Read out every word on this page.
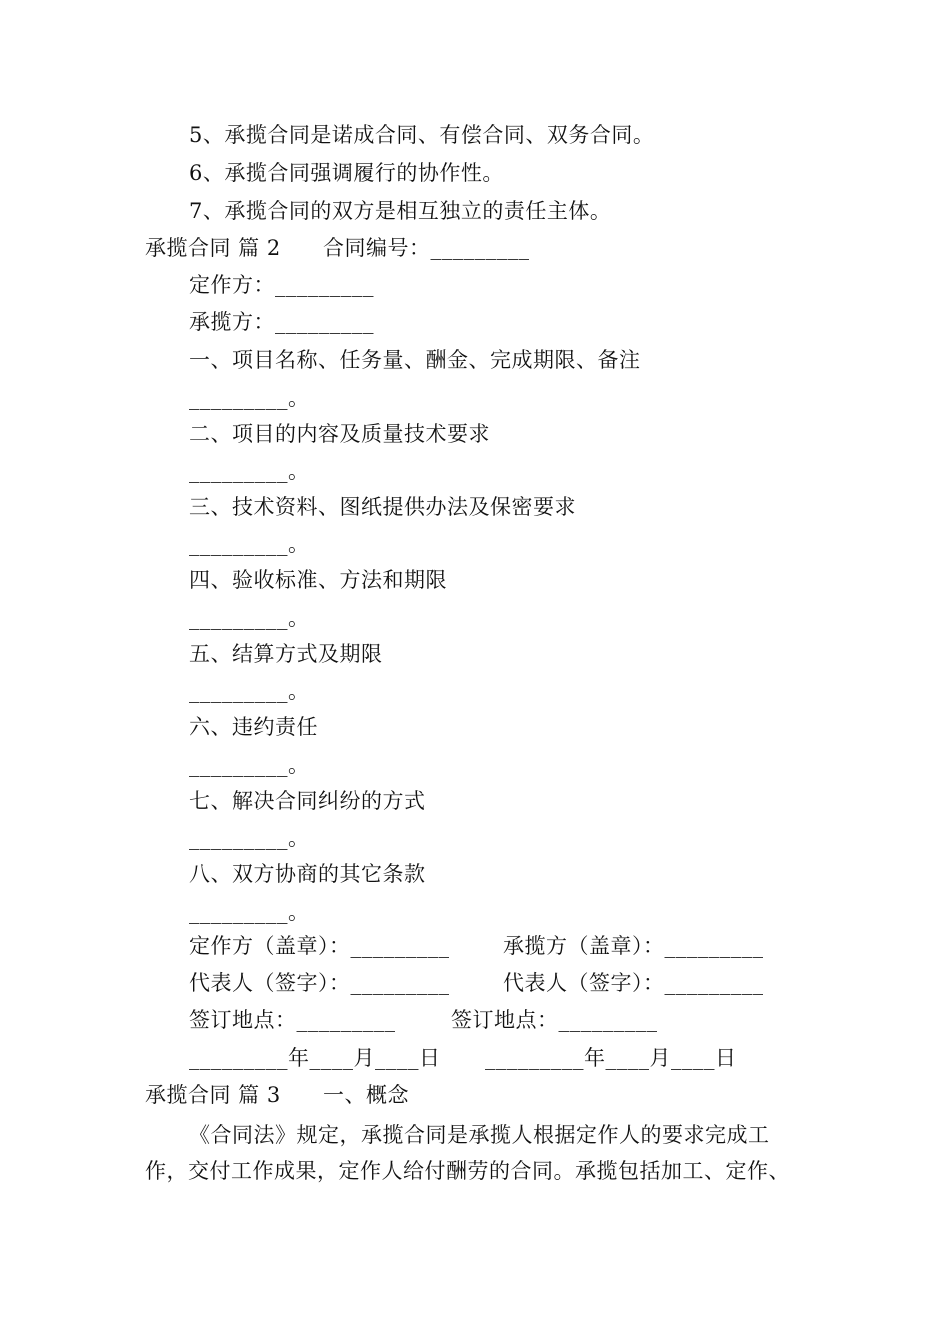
5、承揽合同是诺成合同、有偿合同、双务合同。
6、承揽合同强调履行的协作性。
7、承揽合同的双方是相互独立的责任主体。
承揽合同 篇 2 合同编号：_________
定作方：_________
承揽方：_________
一、项目名称、任务量、酬金、完成期限、备注
_________。
二、项目的内容及质量技术要求
_________。
三、技术资料、图纸提供办法及保密要求
_________。
四、验收标准、方法和期限
_________。
五、结算方式及期限
_________。
六、违约责任
_________。
七、解决合同纠纷的方式
_________。
八、双方协商的其它条款
_________。
定作方（盖章）：_________	承揽方（盖章）：_________
代表人（签字）：_________	代表人（签字）：_________
签订地点：_________	签订地点：_________
_________年____月____日 _________年____月____日
承揽合同 篇 3 一、概念
《合同法》规定，承揽合同是承揽人根据定作人的要求完成工
作，交付工作成果，定作人给付酬劳的合同。承揽包括加工、定作、
